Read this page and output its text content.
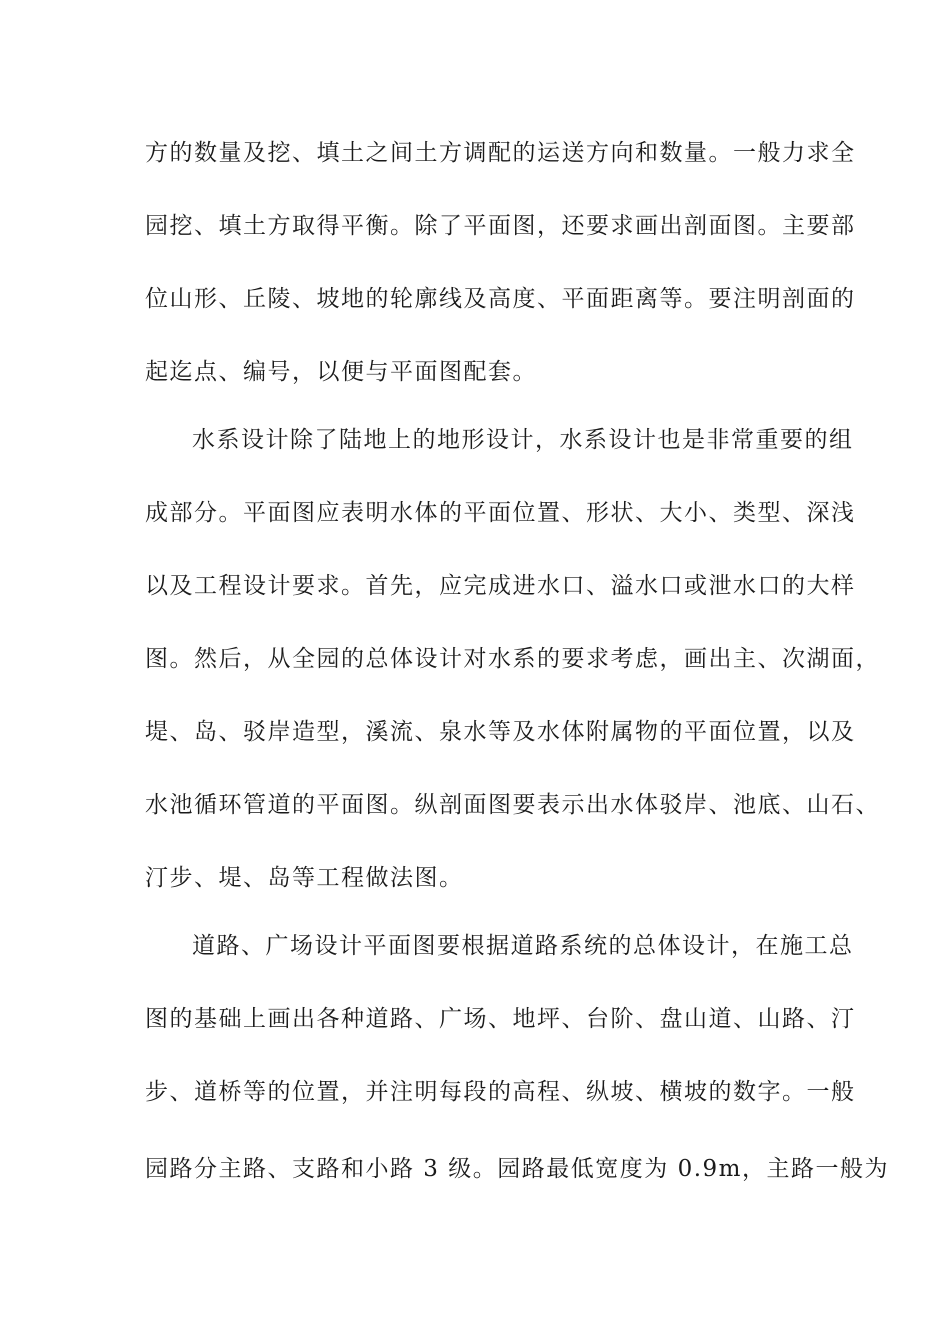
方的数量及挖、填土之间土方调配的运送方向和数量。一般力求全
园挖、填土方取得平衡。除了平面图，还要求画出剖面图。主要部
位山形、丘陵、坡地的轮廓线及高度、平面距离等。要注明剖面的
起迄点、编号，以便与平面图配套。
水系设计除了陆地上的地形设计，水系设计也是非常重要的组
成部分。平面图应表明水体的平面位置、形状、大小、类型、深浅
以及工程设计要求。首先，应完成进水口、溢水口或泄水口的大样
图。然后，从全园的总体设计对水系的要求考虑，画出主、次湖面，
堤、岛、驳岸造型，溪流、泉水等及水体附属物的平面位置，以及
水池循环管道的平面图。纵剖面图要表示出水体驳岸、池底、山石、
汀步、堤、岛等工程做法图。
道路、广场设计平面图要根据道路系统的总体设计，在施工总
图的基础上画出各种道路、广场、地坪、台阶、盘山道、山路、汀
步、道桥等的位置，并注明每段的高程、纵坡、横坡的数字。一般
园路分主路、支路和小路 3 级。园路最低宽度为 0.9m，主路一般为
